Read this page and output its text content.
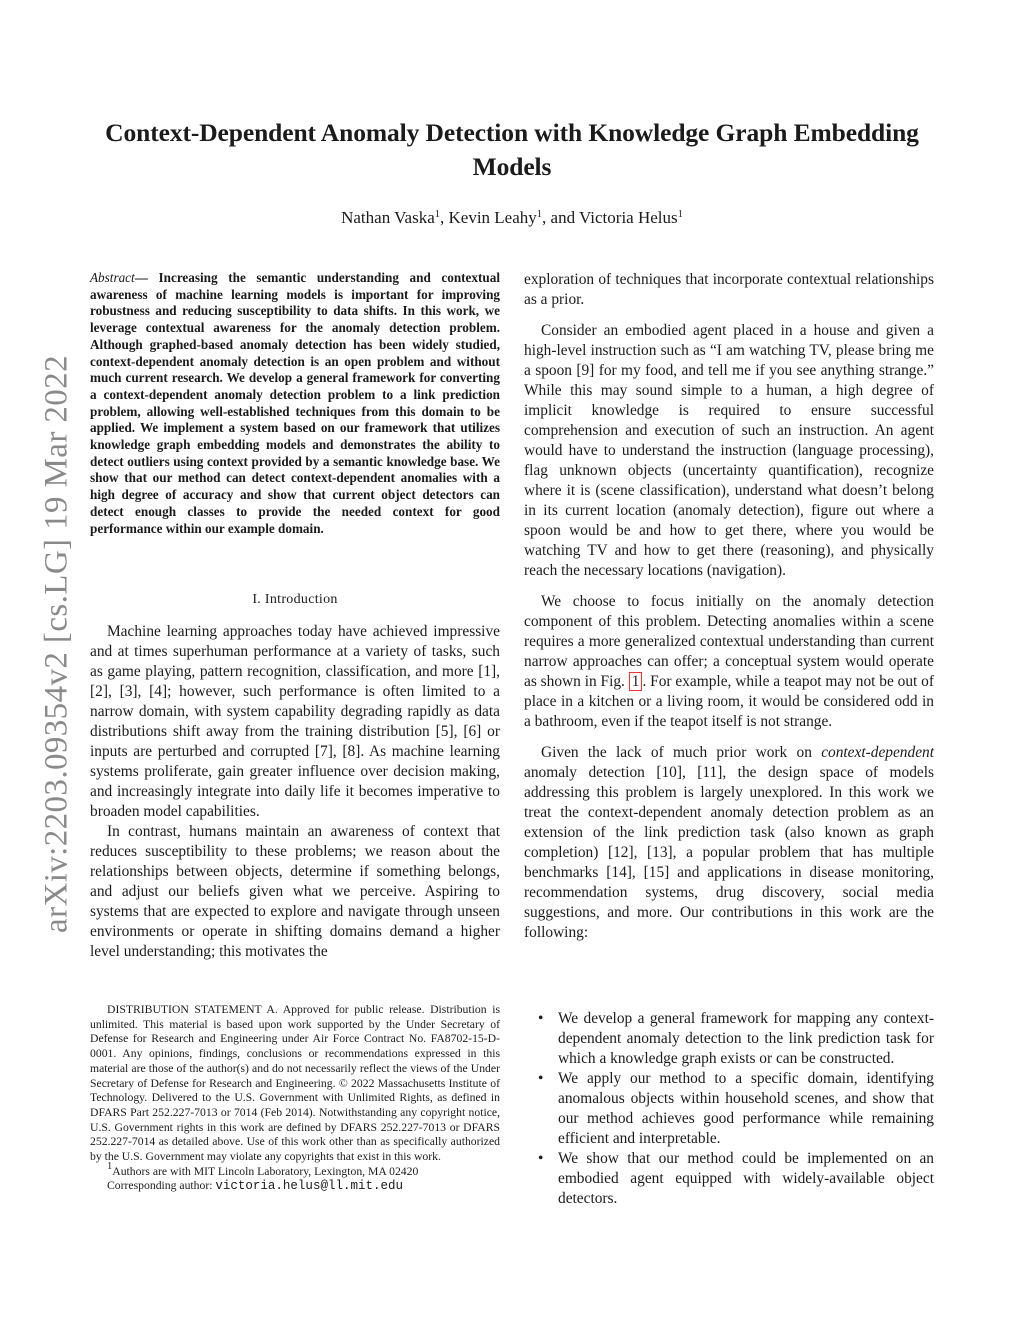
Context-Dependent Anomaly Detection with Knowledge Graph Embedding Models
Nathan Vaska$^1$, Kevin Leahy$^1$, and Victoria Helus$^1$
arXiv:2203.09354v2 [cs.LG] 19 Mar 2022
Abstract— Increasing the semantic understanding and contextual awareness of machine learning models is important for improving robustness and reducing susceptibility to data shifts. In this work, we leverage contextual awareness for the anomaly detection problem. Although graphed-based anomaly detection has been widely studied, context-dependent anomaly detection is an open problem and without much current research. We develop a general framework for converting a context-dependent anomaly detection problem to a link prediction problem, allowing well-established techniques from this domain to be applied. We implement a system based on our framework that utilizes knowledge graph embedding models and demonstrates the ability to detect outliers using context provided by a semantic knowledge base. We show that our method can detect context-dependent anomalies with a high degree of accuracy and show that current object detectors can detect enough classes to provide the needed context for good performance within our example domain.
I. Introduction

Machine learning approaches today have achieved impressive and at times superhuman performance at a variety of tasks, such as game playing, pattern recognition, classification, and more [1], [2], [3], [4]; however, such performance is often limited to a narrow domain, with system capability degrading rapidly as data distributions shift away from the training distribution [5], [6] or inputs are perturbed and corrupted [7], [8]. As machine learning systems proliferate, gain greater influence over decision making, and increasingly integrate into daily life it becomes imperative to broaden model capabilities.

In contrast, humans maintain an awareness of context that reduces susceptibility to these problems; we reason about the relationships between objects, determine if something belongs, and adjust our beliefs given what we perceive. Aspiring to systems that are expected to explore and navigate through unseen environments or operate in shifting domains demand a higher level understanding; this motivates the

exploration of techniques that incorporate contextual relationships as a prior.

Consider an embodied agent placed in a house and given a high-level instruction such as “I am watching TV, please bring me a spoon [9] for my food, and tell me if you see anything strange.” While this may sound simple to a human, a high degree of implicit knowledge is required to ensure successful comprehension and execution of such an instruction. An agent would have to understand the instruction (language processing), flag unknown objects (uncertainty quantification), recognize where it is (scene classification), understand what doesn’t belong in its current location (anomaly detection), figure out where a spoon would be and how to get there, where you would be watching TV and how to get there (reasoning), and physically reach the necessary locations (navigation).

We choose to focus initially on the anomaly detection component of this problem. Detecting anomalies within a scene requires a more generalized contextual understanding than current narrow approaches can offer; a conceptual system would operate as shown in Fig. 1 . For example, while a teapot may not be out of place in a kitchen or a living room, it would be considered odd in a bathroom, even if the teapot itself is not strange.

Given the lack of much prior work on context-dependent anomaly detection [10], [11], the design space of models addressing this problem is largely unexplored. In this work we treat the context-dependent anomaly detection problem as an extension of the link prediction task (also known as graph completion) [12], [13], a popular problem that has multiple benchmarks [14], [15] and applications in disease monitoring, recommendation systems, drug discovery, social media suggestions, and more. Our contributions in this work are the following:

• We develop a general framework for mapping any context-dependent anomaly detection to the link prediction task for which a knowledge graph exists or can be constructed.
• We apply our method to a specific domain, identifying anomalous objects within household scenes, and show that our method achieves good performance while remaining efficient and interpretable.
• We show that our method could be implemented on an embodied agent equipped with widely-available object detectors.

DISTRIBUTION STATEMENT A. Approved for public release. Distribution is unlimited. This material is based upon work supported by the Under Secretary of Defense for Research and Engineering under Air Force Contract No. FA8702-15-D-0001. Any opinions, findings, conclusions or recommendations expressed in this material are those of the author(s) and do not necessarily reflect the views of the Under Secretary of Defense for Research and Engineering. © 2022 Massachusetts Institute of Technology. Delivered to the U.S. Government with Unlimited Rights, as defined in DFARS Part 252.227-7013 or 7014 (Feb 2014). Notwithstanding any copyright notice, U.S. Government rights in this work are defined by DFARS 252.227-7013 or DFARS 252.227-7014 as detailed above. Use of this work other than as specifically authorized by the U.S. Government may violate any copyrights that exist in this work.

$^1$Authors are with MIT Lincoln Laboratory, Lexington, MA 02420

Corresponding author: victoria.helus@ll.mit.edu
